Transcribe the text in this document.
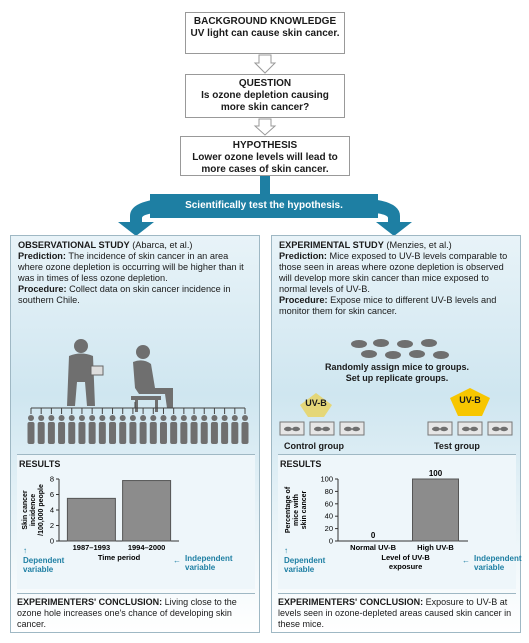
BACKGROUND KNOWLEDGE
UV light can cause skin cancer.
QUESTION
Is ozone depletion causing more skin cancer?
HYPOTHESIS
Lower ozone levels will lead to more cases of skin cancer.
Scientifically test the hypothesis.
OBSERVATIONAL STUDY (Abarca, et al.)
Prediction: The incidence of skin cancer in an area where ozone depletion is occurring will be higher than it was in times of less ozone depletion.
Procedure: Collect data on skin cancer incidence in southern Chile.
RESULTS
Skin cancerincidence/100,000 people
0
2
4
6
8
1987–1993 1994–2000
Time period
↑
Dependent
variable
← Independent
variable
EXPERIMENTERS' CONCLUSION: Living close to the ozone hole increases one's chance of developing skin cancer.
EXPERIMENTAL STUDY (Menzies, et al.)
Prediction: Mice exposed to UV-B levels comparable to those seen in areas where ozone depletion is observed will develop more skin cancer than mice exposed to normal levels of UV-B.
Procedure: Expose mice to different UV-B levels and monitor them for skin cancer.
Randomly assign mice to groups.
Set up replicate groups.
UV-B	UV-B
Control group	Test group
RESULTS
Percentage ofmice withskin cancer
0
20
40
60
80
100
0
Normal UV-B
100
High UV-B
Level of UV-B
exposure
↑
Dependent
variable
← Independent
variable
EXPERIMENTERS' CONCLUSION: Exposure to UV-B at levels seen in ozone-depleted areas caused skin cancer in these mice.
